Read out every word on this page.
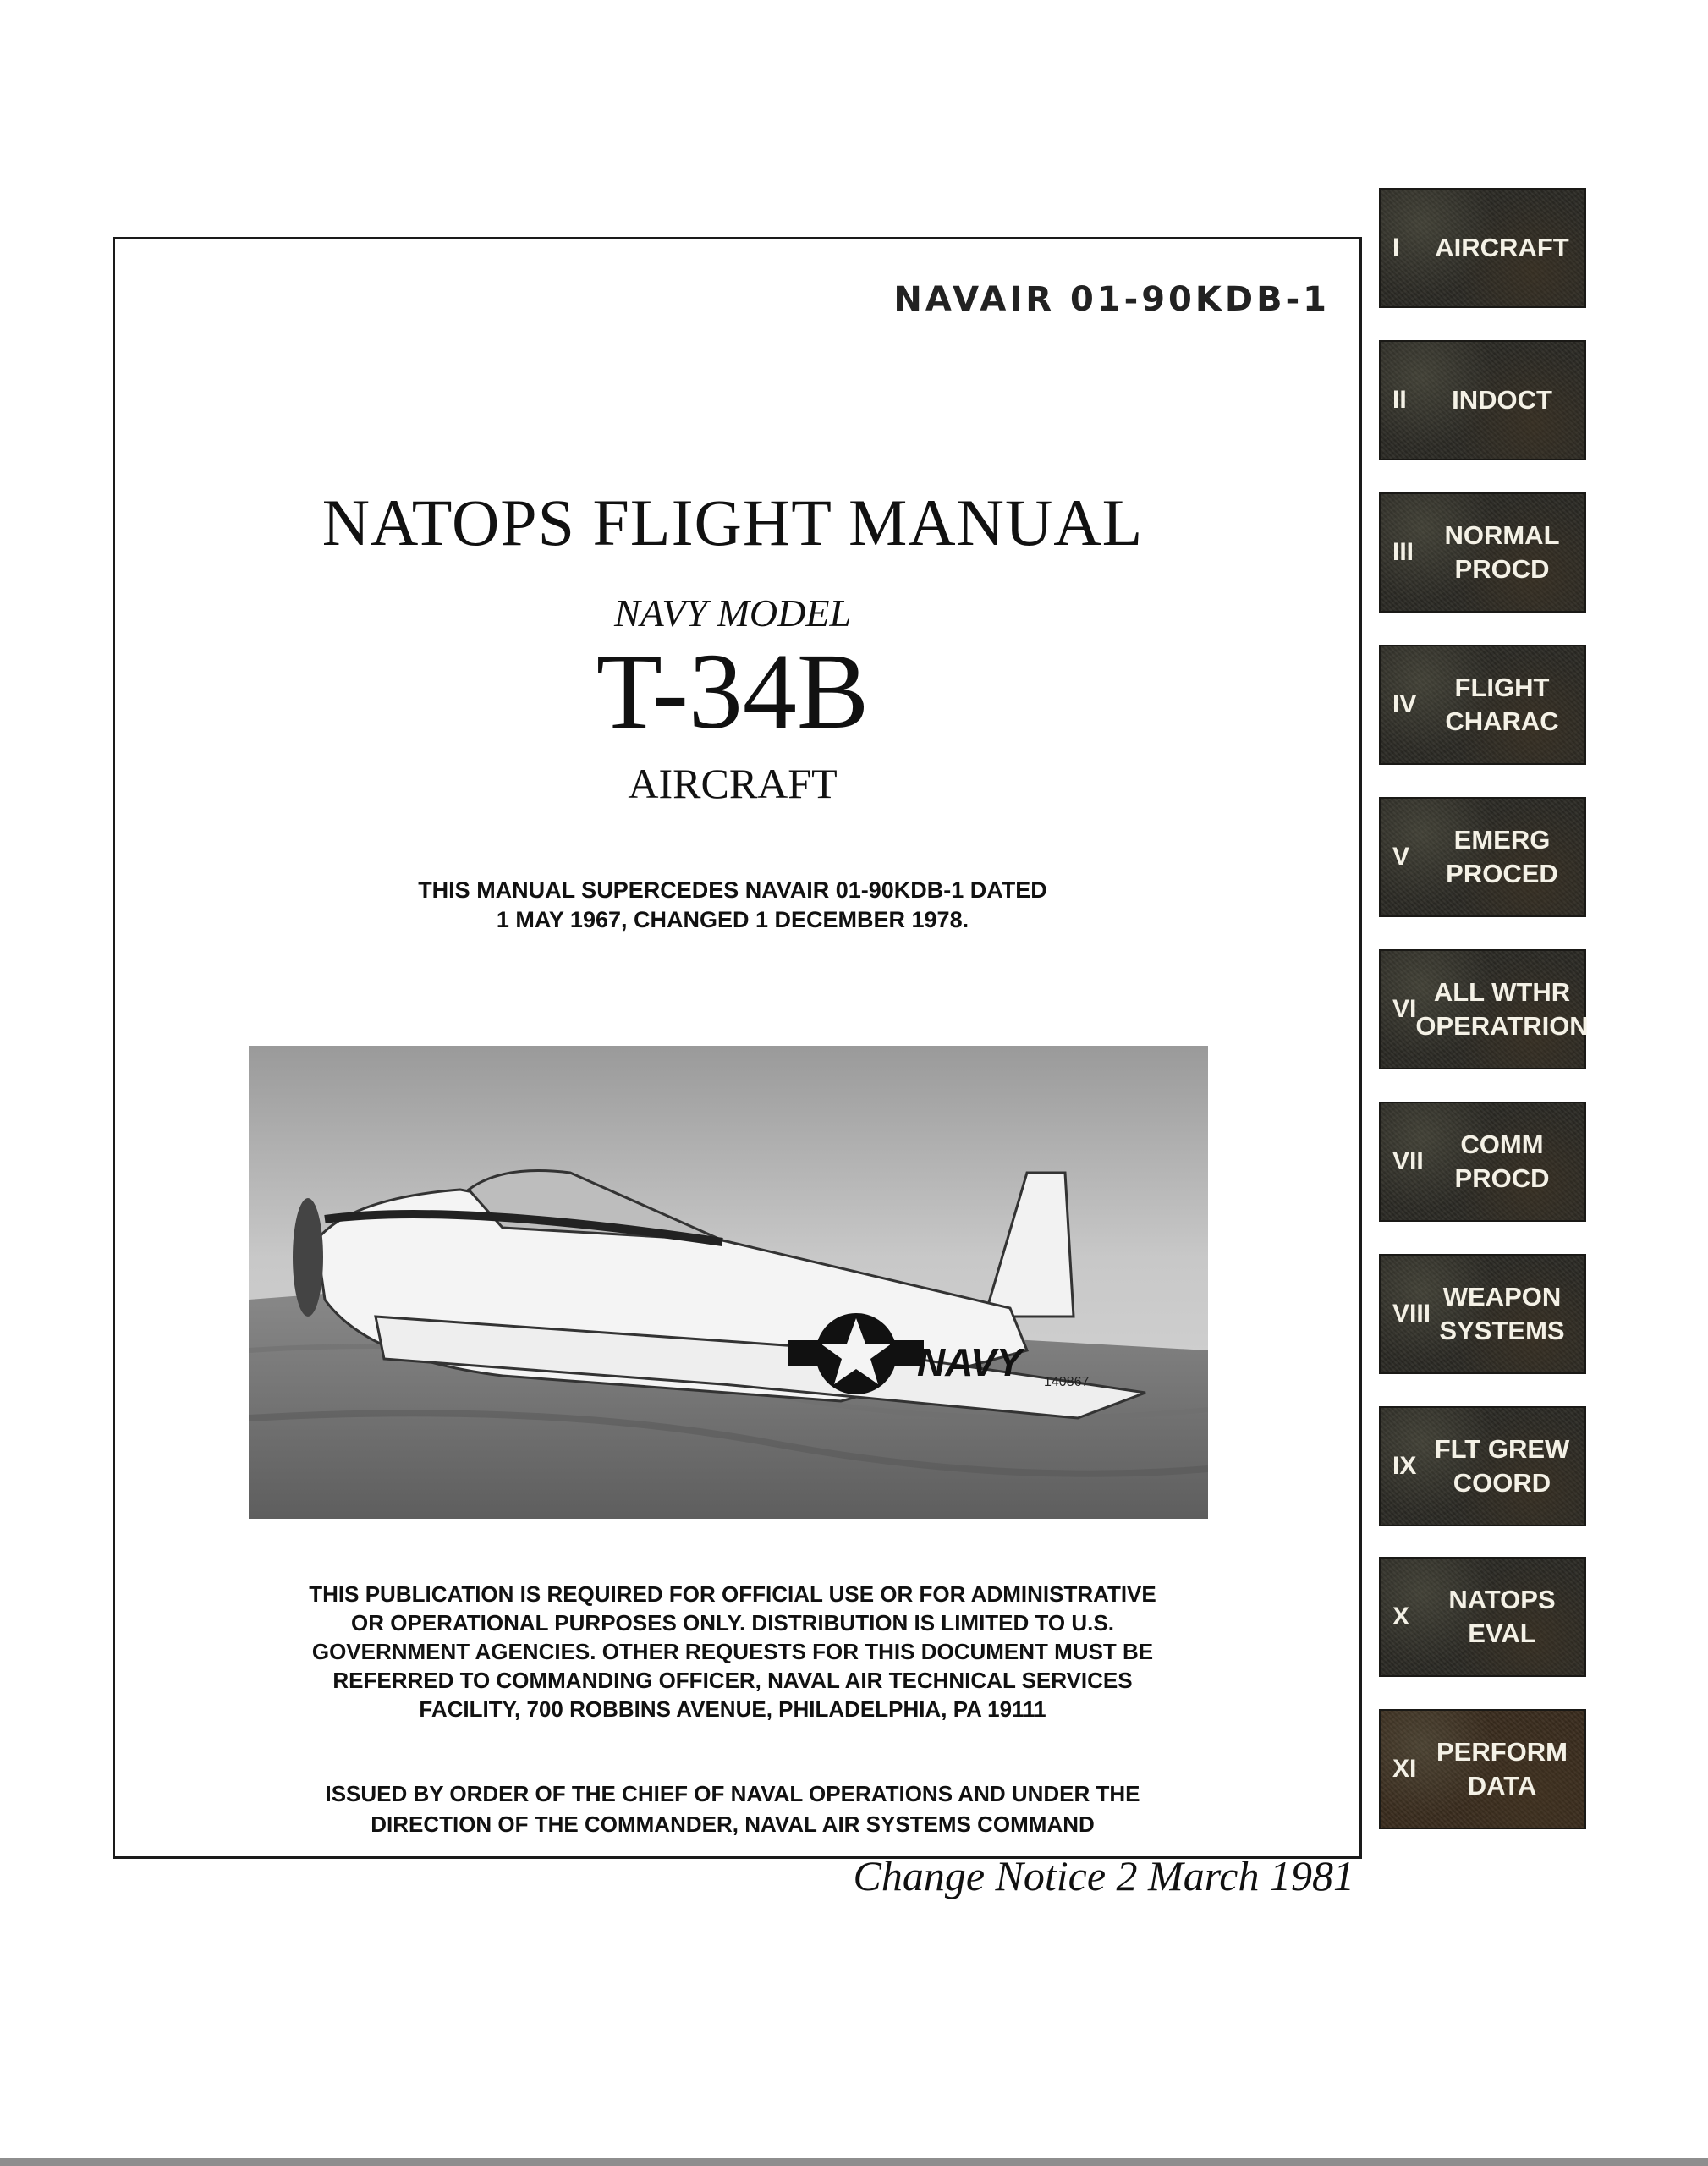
NAVAIR 01-90KDB-1
NATOPS FLIGHT MANUAL
NAVY MODEL
T-34B
AIRCRAFT
THIS MANUAL SUPERCEDES NAVAIR 01-90KDB-1 DATED
1 MAY 1967, CHANGED 1 DECEMBER 1978.
NAVY 140867
THIS PUBLICATION IS REQUIRED FOR OFFICIAL USE OR FOR ADMINISTRATIVE
OR OPERATIONAL PURPOSES ONLY. DISTRIBUTION IS LIMITED TO U.S.
GOVERNMENT AGENCIES. OTHER REQUESTS FOR THIS DOCUMENT MUST BE
REFERRED TO COMMANDING OFFICER, NAVAL AIR TECHNICAL SERVICES
FACILITY, 700 ROBBINS AVENUE, PHILADELPHIA, PA 19111
ISSUED BY ORDER OF THE CHIEF OF NAVAL OPERATIONS AND UNDER THE
DIRECTION OF THE COMMANDER, NAVAL AIR SYSTEMS COMMAND
Change Notice 2 March 1981
I	AIRCRAFT
II	INDOCT
III
NORMAL
PROCD
IV
FLIGHT
CHARAC
V
EMERG
PROCED
VI
ALL WTHR
OPERATRION
VII
COMM
PROCD
VIII
WEAPON
SYSTEMS
IX
FLT GREW
COORD
X
NATOPS
EVAL
XI
PERFORM
DATA
